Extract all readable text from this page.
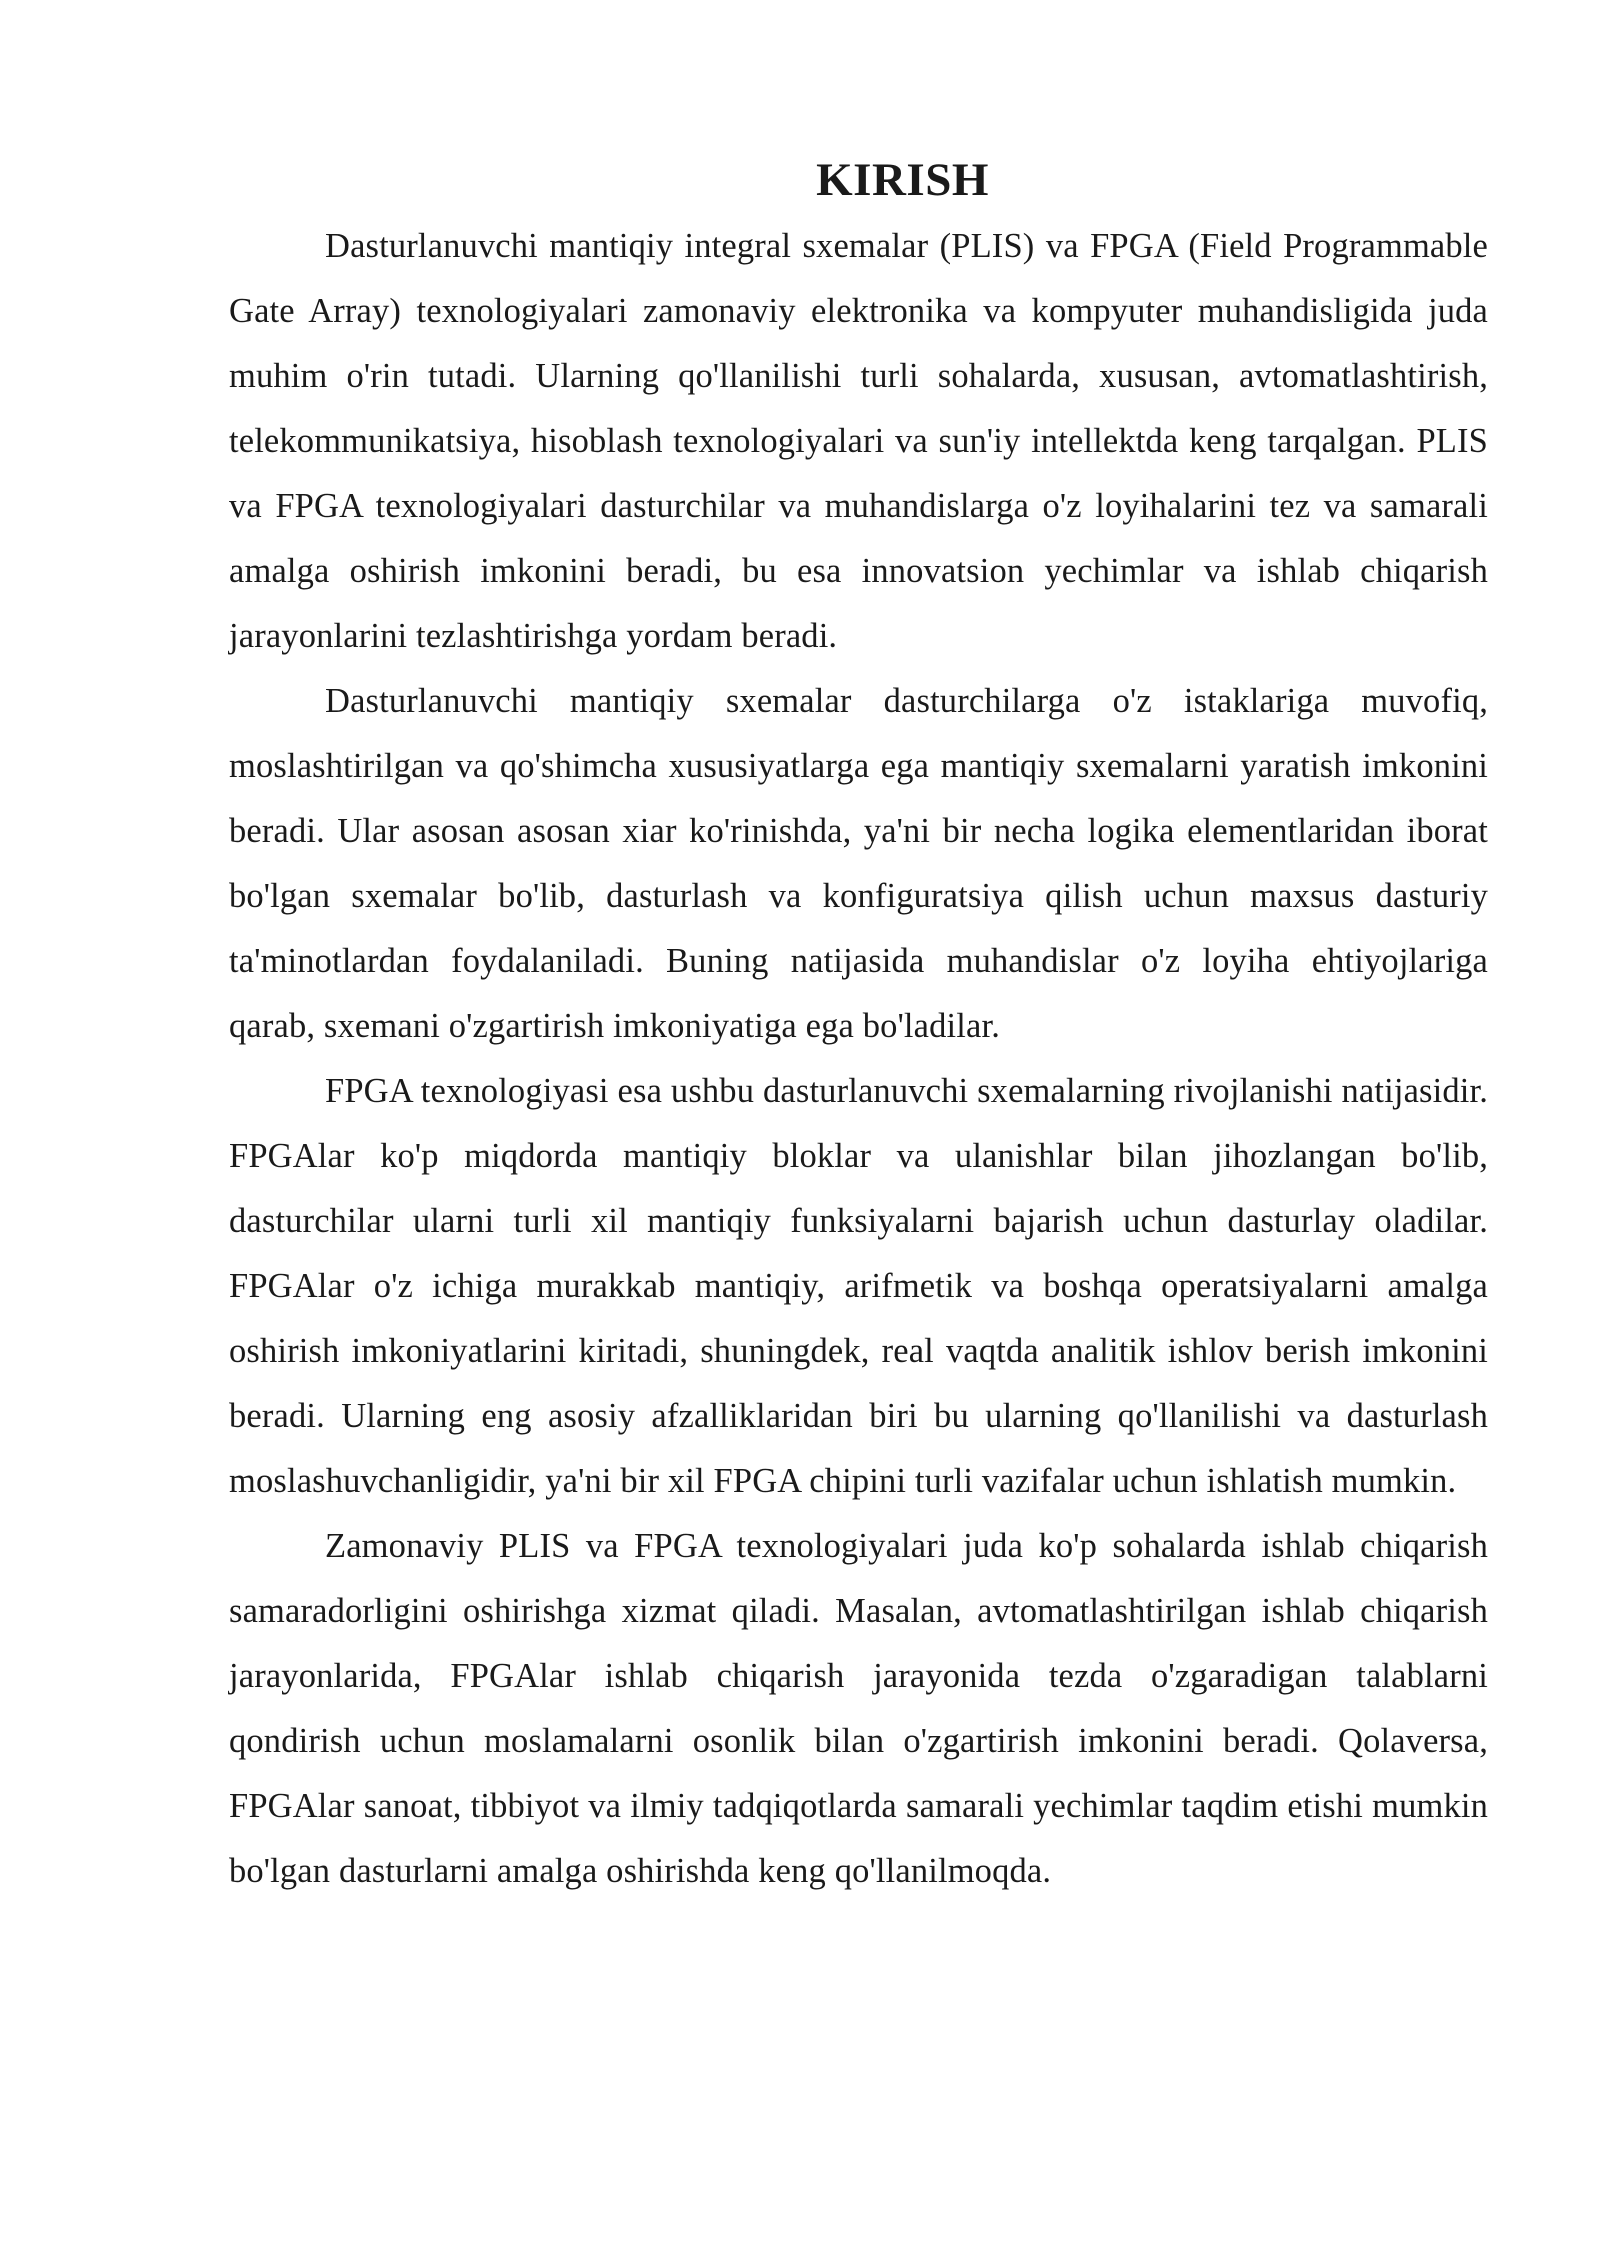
KIRISH

Dasturlanuvchi mantiqiy integral sxemalar (PLIS) va FPGA (Field Programmable Gate Array) texnologiyalari zamonaviy elektronika va kompyuter muhandisligida juda muhim o'rin tutadi. Ularning qo'llanilishi turli sohalarda, xususan, avtomatlashtirish, telekommunikatsiya, hisoblash texnologiyalari va sun'iy intellektda keng tarqalgan. PLIS va FPGA texnologiyalari dasturchilar va muhandislarga o'z loyihalarini tez va samarali amalga oshirish imkonini beradi, bu esa innovatsion yechimlar va ishlab chiqarish jarayonlarini tezlashtirishga yordam beradi.

Dasturlanuvchi mantiqiy sxemalar dasturchilarga o'z istaklariga muvofiq, moslashtirilgan va qo'shimcha xususiyatlarga ega mantiqiy sxemalarni yaratish imkonini beradi. Ular asosan asosan xiar ko'rinishda, ya'ni bir necha logika elementlaridan iborat bo'lgan sxemalar bo'lib, dasturlash va konfiguratsiya qilish uchun maxsus dasturiy ta'minotlardan foydalaniladi. Buning natijasida muhandislar o'z loyiha ehtiyojlariga qarab, sxemani o'zgartirish imkoniyatiga ega bo'ladilar.

FPGA texnologiyasi esa ushbu dasturlanuvchi sxemalarning rivojlanishi natijasidir. FPGAlar ko'p miqdorda mantiqiy bloklar va ulanishlar bilan jihozlangan bo'lib, dasturchilar ularni turli xil mantiqiy funksiyalarni bajarish uchun dasturlay oladilar. FPGAlar o'z ichiga murakkab mantiqiy, arifmetik va boshqa operatsiyalarni amalga oshirish imkoniyatlarini kiritadi, shuningdek, real vaqtda analitik ishlov berish imkonini beradi. Ularning eng asosiy afzalliklaridan biri bu ularning qo'llanilishi va dasturlash moslashuvchanligidir, ya'ni bir xil FPGA chipini turli vazifalar uchun ishlatish mumkin.

Zamonaviy PLIS va FPGA texnologiyalari juda ko'p sohalarda ishlab chiqarish samaradorligini oshirishga xizmat qiladi. Masalan, avtomatlashtirilgan ishlab chiqarish jarayonlarida, FPGAlar ishlab chiqarish jarayonida tezda o'zgaradigan talablarni qondirish uchun moslamalarni osonlik bilan o'zgartirish imkonini beradi. Qolaversa, FPGAlar sanoat, tibbiyot va ilmiy tadqiqotlarda samarali yechimlar taqdim etishi mumkin bo'lgan dasturlarni amalga oshirishda keng qo'llanilmoqda.
